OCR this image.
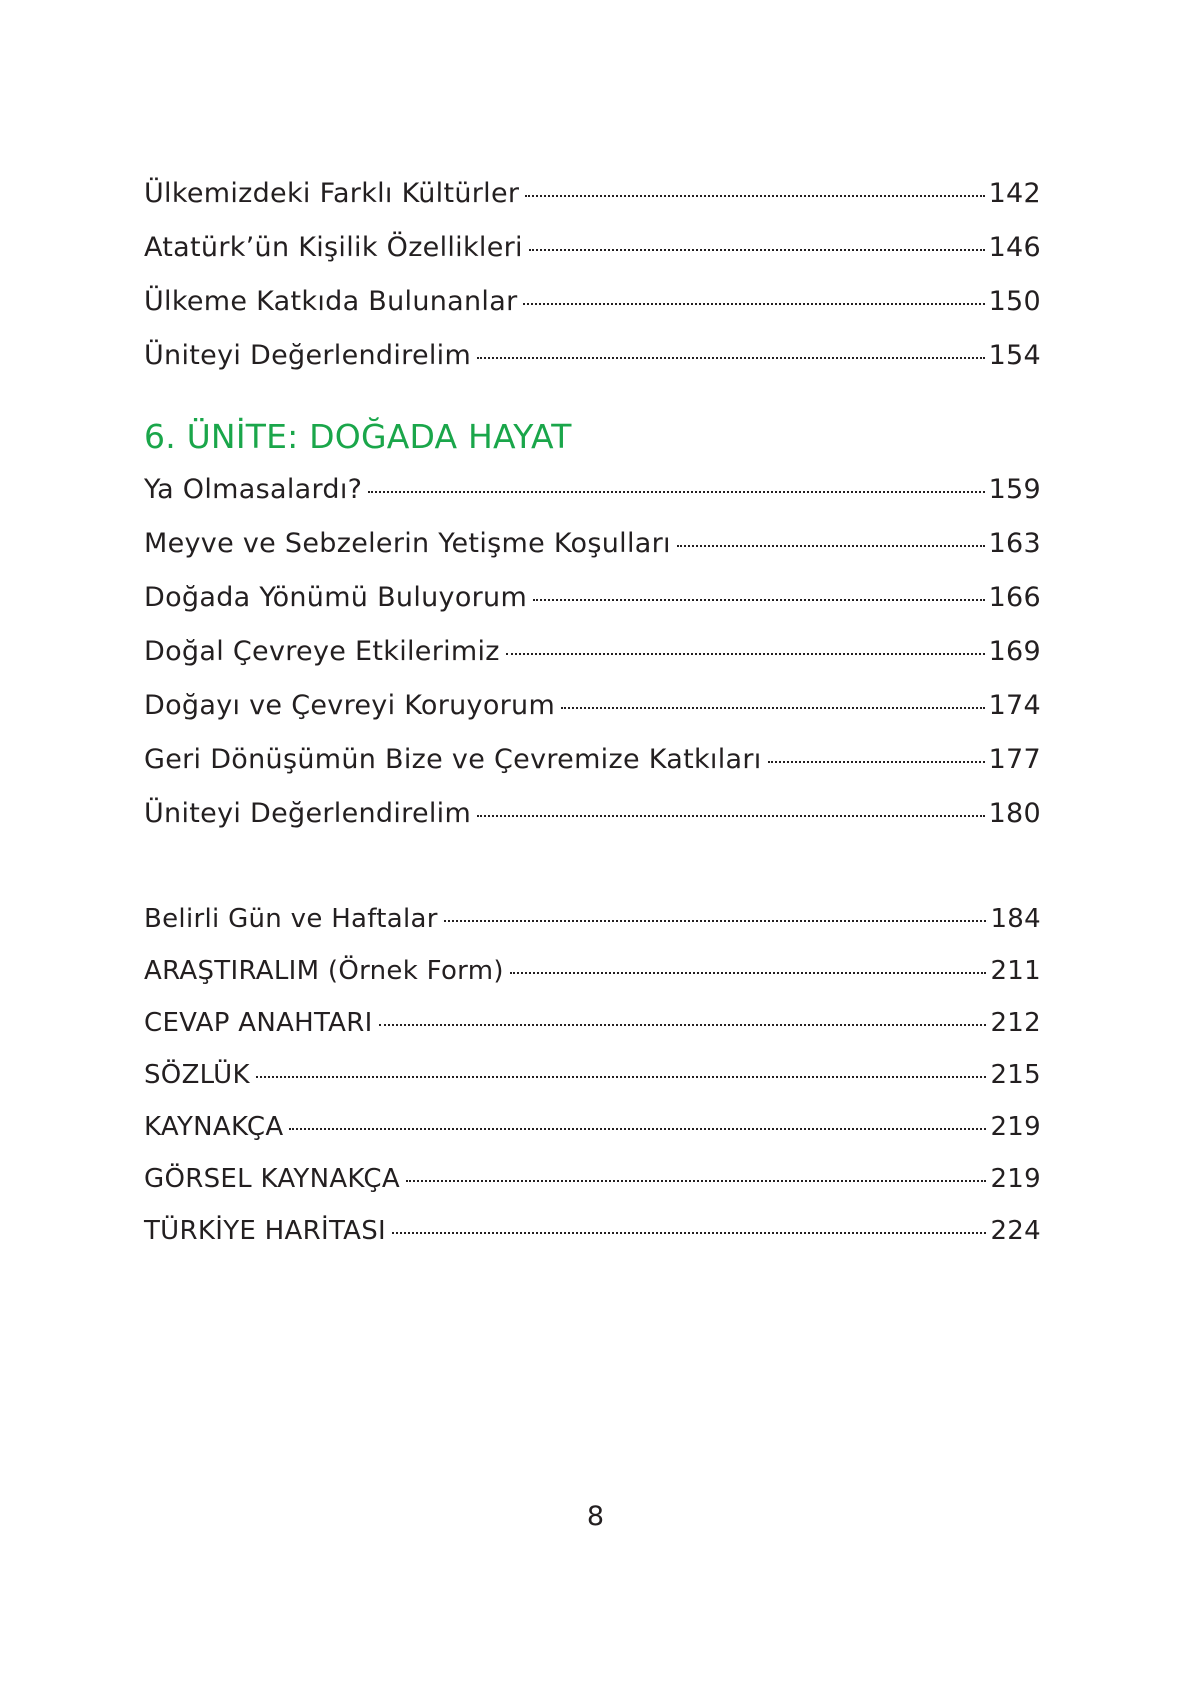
Ülkemizdeki Farklı Kültürler	142
Atatürk’ün Kişilik Özellikleri	146
Ülkeme Katkıda Bulunanlar	150
Üniteyi Değerlendirelim	154
6. ÜNİTE: DOĞADA HAYAT
Ya Olmasalardı?	159
Meyve ve Sebzelerin Yetişme Koşulları	163
Doğada Yönümü Buluyorum	166
Doğal Çevreye Etkilerimiz	169
Doğayı ve Çevreyi Koruyorum	174
Geri Dönüşümün Bize ve Çevremize Katkıları	177
Üniteyi Değerlendirelim	180
Belirli Gün ve Haftalar	184
ARAŞTIRALIM (Örnek Form)	211
CEVAP ANAHTARI	212
SÖZLÜK	215
KAYNAKÇA	219
GÖRSEL KAYNAKÇA	219
TÜRKİYE HARİTASI	224
8
